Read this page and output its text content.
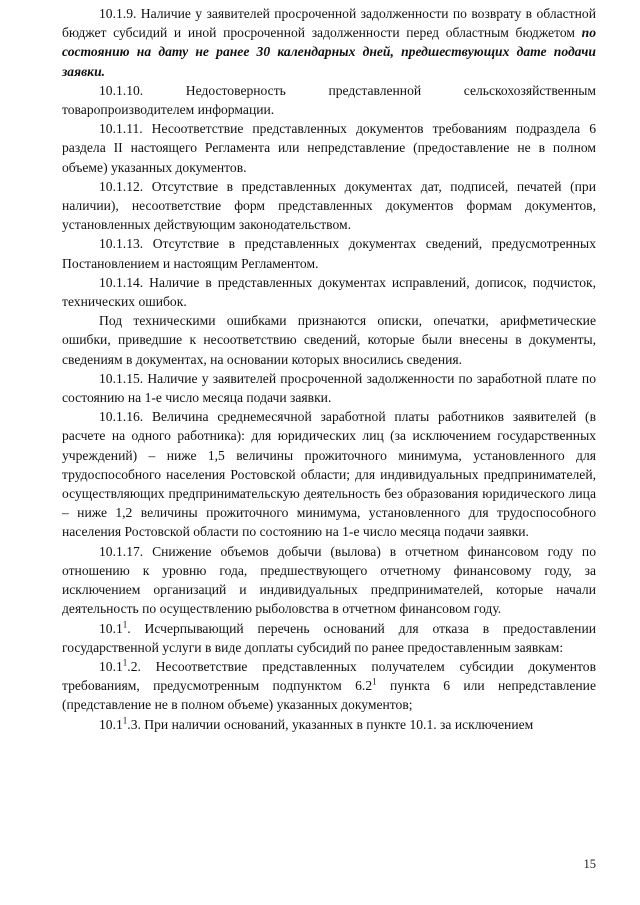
10.1.9. Наличие у заявителей просроченной задолженности по возврату в областной бюджет субсидий и иной просроченной задолженности перед областным бюджетом по состоянию на дату не ранее 30 календарных дней, предшествующих дате подачи заявки.

10.1.10. Недостоверность представленной сельскохозяйственным товаропроизводителем информации.

10.1.11. Несоответствие представленных документов требованиям подраздела 6 раздела II настоящего Регламента или непредставление (предоставление не в полном объеме) указанных документов.

10.1.12. Отсутствие в представленных документах дат, подписей, печатей (при наличии), несоответствие форм представленных документов формам документов, установленных действующим законодательством.

10.1.13. Отсутствие в представленных документах сведений, предусмотренных Постановлением и настоящим Регламентом.

10.1.14. Наличие в представленных документах исправлений, дописок, подчисток, технических ошибок.

Под техническими ошибками признаются описки, опечатки, арифметические ошибки, приведшие к несоответствию сведений, которые были внесены в документы, сведениям в документах, на основании которых вносились сведения.

10.1.15. Наличие у заявителей просроченной задолженности по заработной плате по состоянию на 1-е число месяца подачи заявки.

10.1.16. Величина среднемесячной заработной платы работников заявителей (в расчете на одного работника): для юридических лиц (за исключением государственных учреждений) – ниже 1,5 величины прожиточного минимума, установленного для трудоспособного населения Ростовской области; для индивидуальных предпринимателей, осуществляющих предпринимательскую деятельность без образования юридического лица – ниже 1,2 величины прожиточного минимума, установленного для трудоспособного населения Ростовской области по состоянию на 1-е число месяца подачи заявки.

10.1.17. Снижение объемов добычи (вылова) в отчетном финансовом году по отношению к уровню года, предшествующего отчетному финансовому году, за исключением организаций и индивидуальных предпринимателей, которые начали деятельность по осуществлению рыболовства в отчетном финансовом году.

10.1$^1$. Исчерпывающий перечень оснований для отказа в предоставлении государственной услуги в виде доплаты субсидий по ранее предоставленным заявкам:

10.1$^1$.2. Несоответствие представленных получателем субсидии документов требованиям, предусмотренным подпунктом $6.2^1$ пункта 6 или непредставление (представление не в полном объеме) указанных документов;

10.1$^1$.3. При наличии оснований, указанных в пункте 10.1. за исключением

15
